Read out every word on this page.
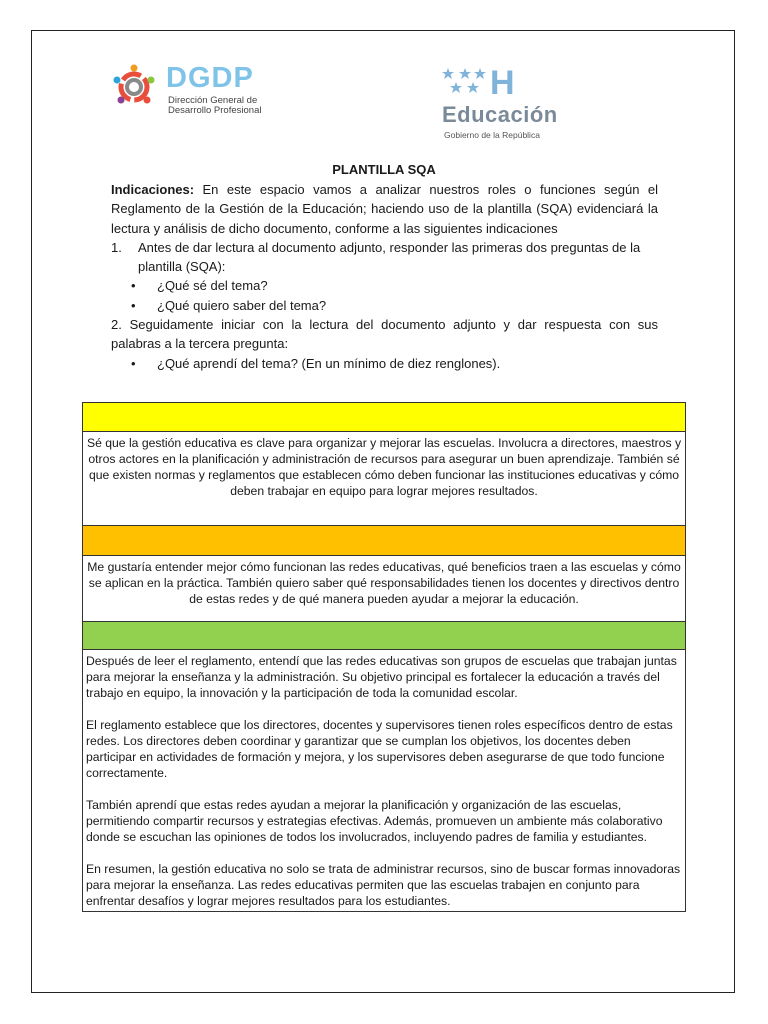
DGDP
Dirección General de
Desarrollo Profesional
H
Educación
Gobierno de la República
PLANTILLA SQA

Indicaciones: En este espacio vamos a analizar nuestros roles o funciones según el Reglamento de la Gestión de la Educación; haciendo uso de la plantilla (SQA) evidenciará la lectura y análisis de dicho documento, conforme a las siguientes indicaciones

1.	Antes de dar lectura al documento adjunto, responder las primeras dos preguntas de la plantilla (SQA):
• ¿Qué sé del tema?
• ¿Qué quiero saber del tema?

2. Seguidamente iniciar con la lectura del documento adjunto y dar respuesta con sus palabras a la tercera pregunta:

• ¿Qué aprendí del tema? (En un mínimo de diez renglones).

Sé que la gestión educativa es clave para organizar y mejorar las escuelas. Involucra a directores, maestros y otros actores en la planificación y administración de recursos para asegurar un buen aprendizaje. También sé que existen normas y reglamentos que establecen cómo deben funcionar las instituciones educativas y cómo deben trabajar en equipo para lograr mejores resultados.

Me gustaría entender mejor cómo funcionan las redes educativas, qué beneficios traen a las escuelas y cómo se aplican en la práctica. También quiero saber qué responsabilidades tienen los docentes y directivos dentro de estas redes y de qué manera pueden ayudar a mejorar la educación.

Después de leer el reglamento, entendí que las redes educativas son grupos de escuelas que trabajan juntas para mejorar la enseñanza y la administración. Su objetivo principal es fortalecer la educación a través del trabajo en equipo, la innovación y la participación de toda la comunidad escolar.

El reglamento establece que los directores, docentes y supervisores tienen roles específicos dentro de estas redes. Los directores deben coordinar y garantizar que se cumplan los objetivos, los docentes deben participar en actividades de formación y mejora, y los supervisores deben asegurarse de que todo funcione correctamente.

También aprendí que estas redes ayudan a mejorar la planificación y organización de las escuelas, permitiendo compartir recursos y estrategias efectivas. Además, promueven un ambiente más colaborativo donde se escuchan las opiniones de todos los involucrados, incluyendo padres de familia y estudiantes.

En resumen, la gestión educativa no solo se trata de administrar recursos, sino de buscar formas innovadoras para mejorar la enseñanza. Las redes educativas permiten que las escuelas trabajen en conjunto para enfrentar desafíos y lograr mejores resultados para los estudiantes.
